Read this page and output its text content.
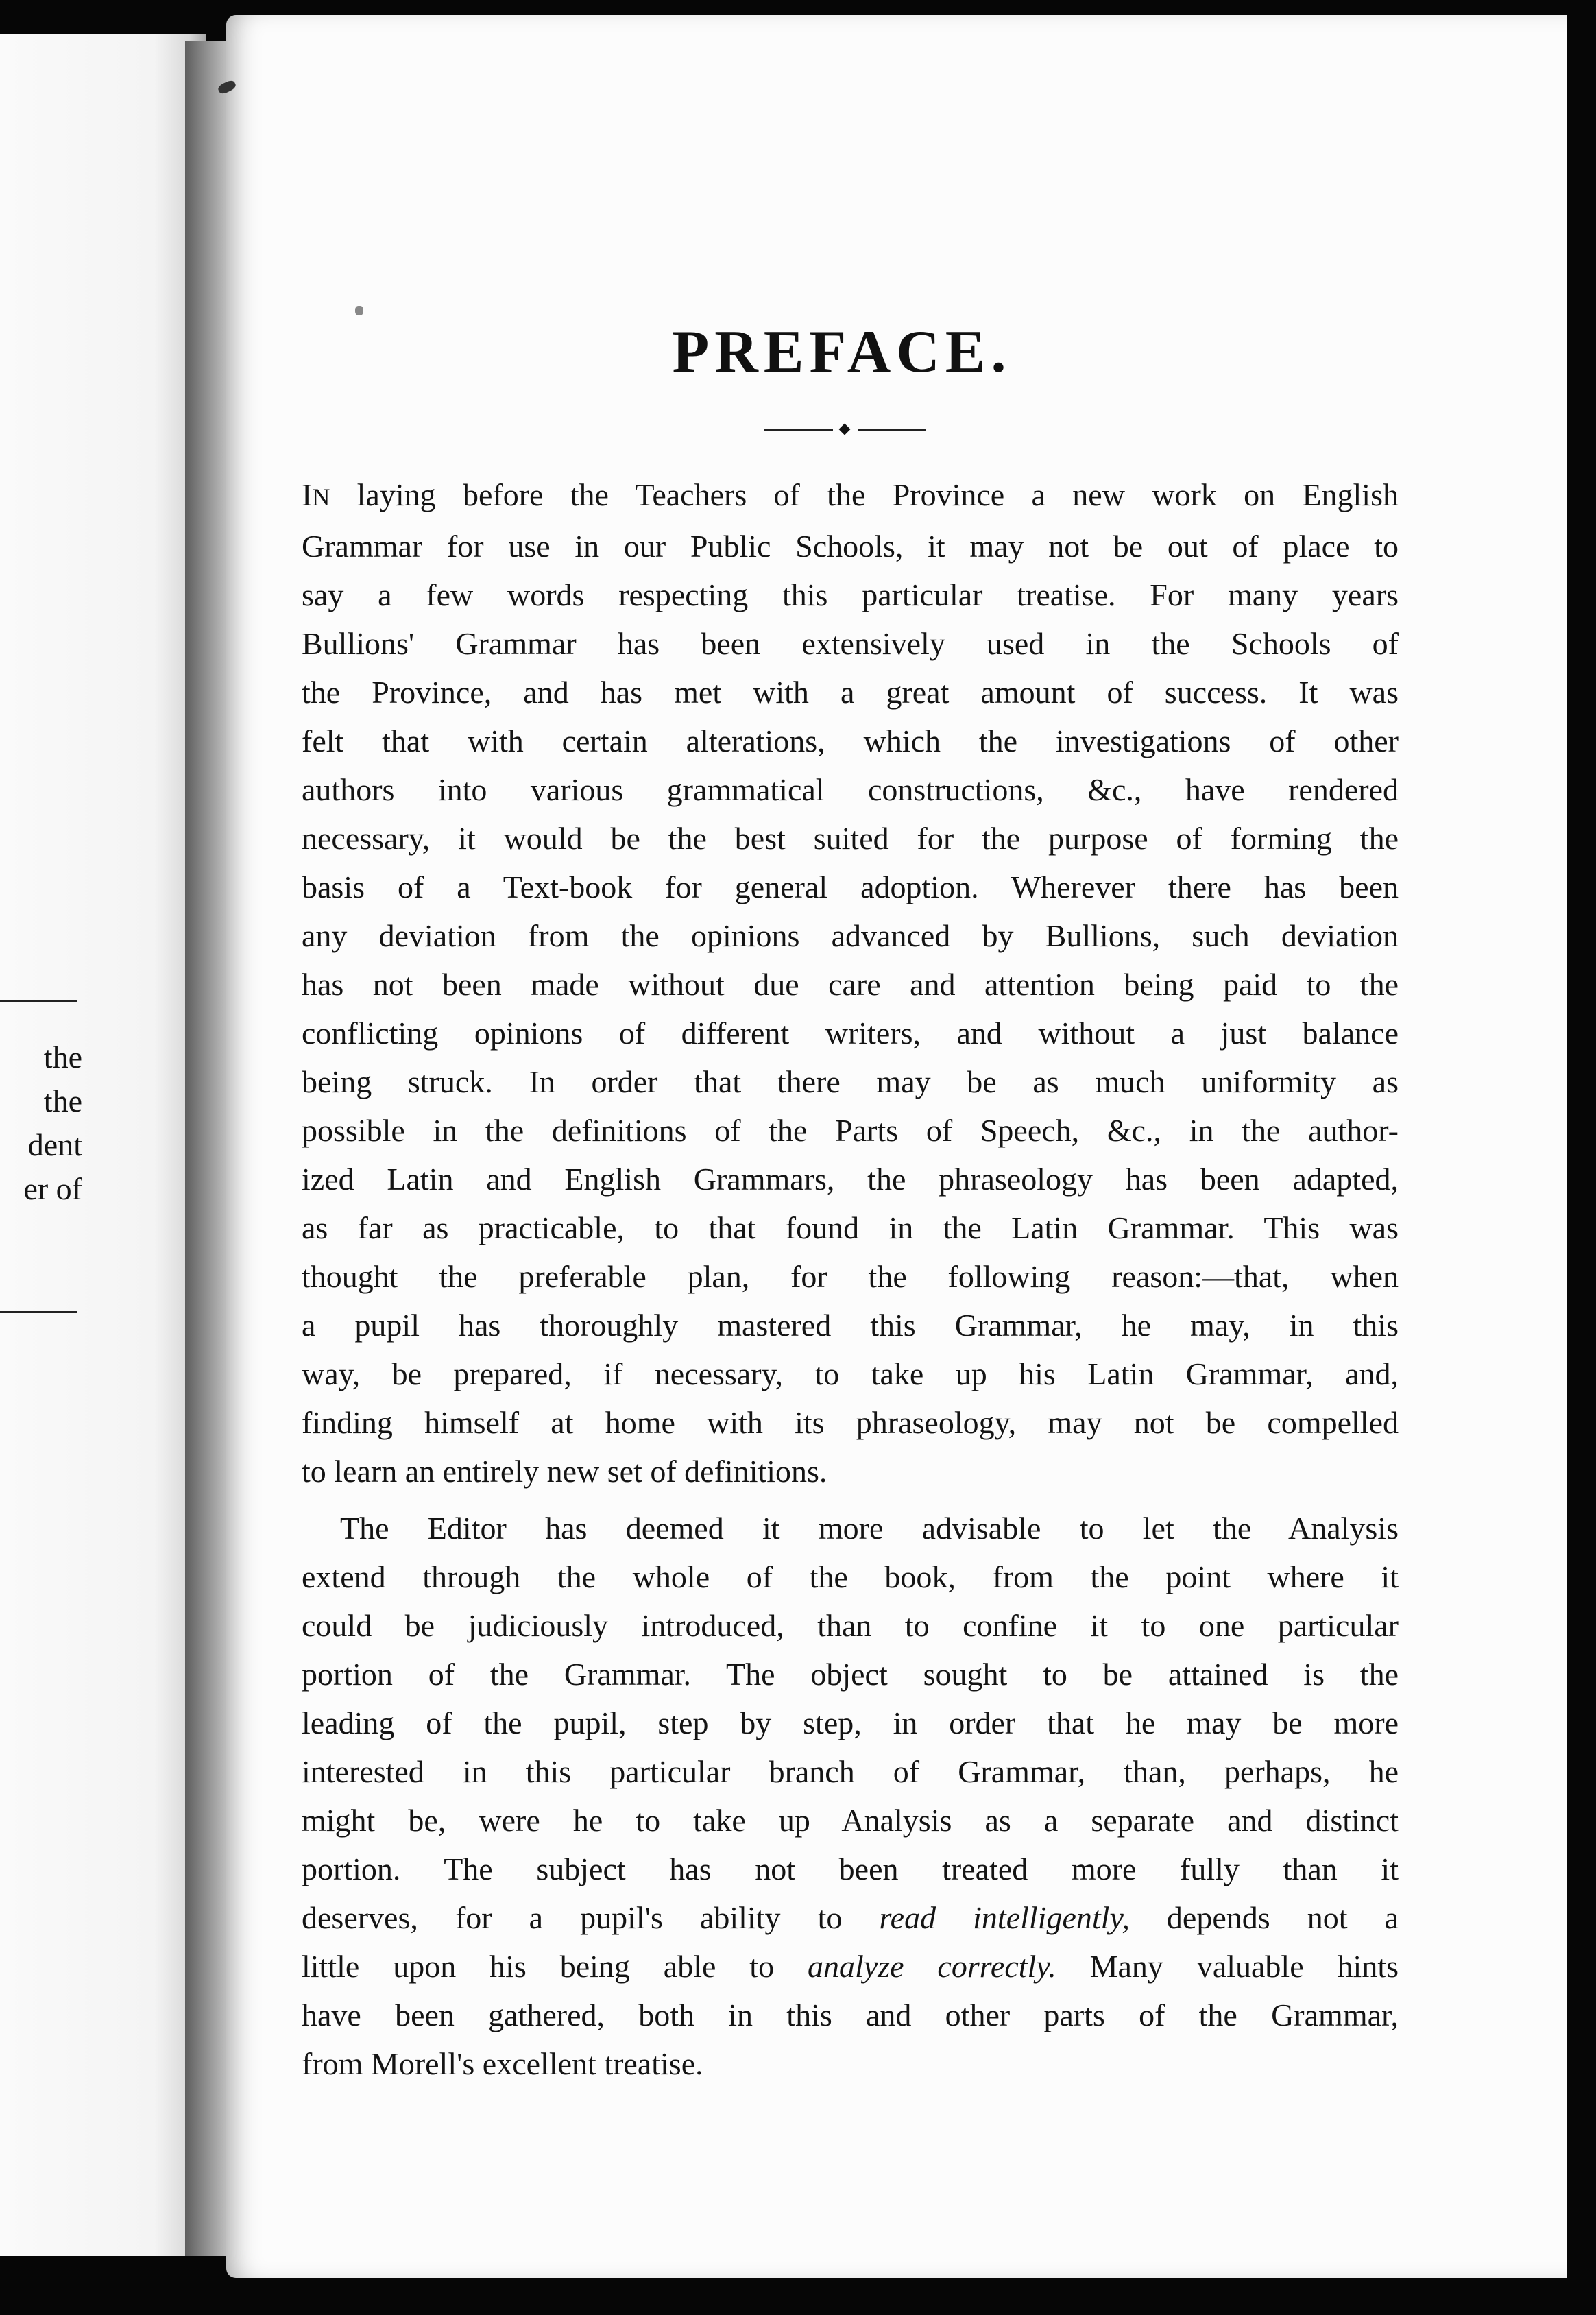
the
the
dent
er of
PREFACE.
IN laying before the Teachers of the Province a new work on English
Grammar for use in our Public Schools, it may not be out of place to
say a few words respecting this particular treatise. For many years
Bullions' Grammar has been extensively used in the Schools of
the Province, and has met with a great amount of success. It was
felt that with certain alterations, which the investigations of other
authors into various grammatical constructions, &c., have rendered
necessary, it would be the best suited for the purpose of forming the
basis of a Text-book for general adoption. Wherever there has been
any deviation from the opinions advanced by Bullions, such deviation
has not been made without due care and attention being paid to the
conflicting opinions of different writers, and without a just balance
being struck. In order that there may be as much uniformity as
possible in the definitions of the Parts of Speech, &c., in the author-
ized Latin and English Grammars, the phraseology has been adapted,
as far as practicable, to that found in the Latin Grammar. This was
thought the preferable plan, for the following reason:—that, when
a pupil has thoroughly mastered this Grammar, he may, in this
way, be prepared, if necessary, to take up his Latin Grammar, and,
finding himself at home with its phraseology, may not be compelled
to learn an entirely new set of definitions.
The Editor has deemed it more advisable to let the Analysis
extend through the whole of the book, from the point where it
could be judiciously introduced, than to confine it to one particular
portion of the Grammar. The object sought to be attained is the
leading of the pupil, step by step, in order that he may be more
interested in this particular branch of Grammar, than, perhaps, he
might be, were he to take up Analysis as a separate and distinct
portion. The subject has not been treated more fully than it
deserves, for a pupil's ability to read intelligently, depends not a
little upon his being able to analyze correctly. Many valuable hints
have been gathered, both in this and other parts of the Grammar,
from Morell's excellent treatise.
